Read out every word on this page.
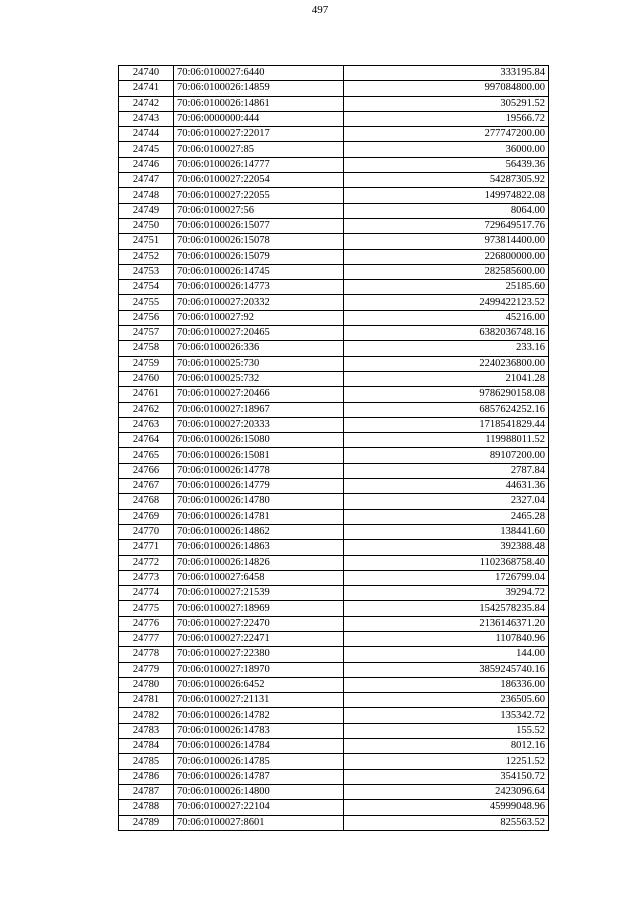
497
24740	70:06:0100027:6440	333195.84
24741	70:06:0100026:14859	997084800.00
24742	70:06:0100026:14861	305291.52
24743	70:06:0000000:444	19566.72
24744	70:06:0100027:22017	277747200.00
24745	70:06:0100027:85	36000.00
24746	70:06:0100026:14777	56439.36
24747	70:06:0100027:22054	54287305.92
24748	70:06:0100027:22055	149974822.08
24749	70:06:0100027:56	8064.00
24750	70:06:0100026:15077	729649517.76
24751	70:06:0100026:15078	973814400.00
24752	70:06:0100026:15079	226800000.00
24753	70:06:0100026:14745	282585600.00
24754	70:06:0100026:14773	25185.60
24755	70:06:0100027:20332	2499422123.52
24756	70:06:0100027:92	45216.00
24757	70:06:0100027:20465	6382036748.16
24758	70:06:0100026:336	233.16
24759	70:06:0100025:730	2240236800.00
24760	70:06:0100025:732	21041.28
24761	70:06:0100027:20466	9786290158.08
24762	70:06:0100027:18967	6857624252.16
24763	70:06:0100027:20333	1718541829.44
24764	70:06:0100026:15080	119988011.52
24765	70:06:0100026:15081	89107200.00
24766	70:06:0100026:14778	2787.84
24767	70:06:0100026:14779	44631.36
24768	70:06:0100026:14780	2327.04
24769	70:06:0100026:14781	2465.28
24770	70:06:0100026:14862	138441.60
24771	70:06:0100026:14863	392388.48
24772	70:06:0100026:14826	1102368758.40
24773	70:06:0100027:6458	1726799.04
24774	70:06:0100027:21539	39294.72
24775	70:06:0100027:18969	1542578235.84
24776	70:06:0100027:22470	2136146371.20
24777	70:06:0100027:22471	1107840.96
24778	70:06:0100027:22380	144.00
24779	70:06:0100027:18970	3859245740.16
24780	70:06:0100026:6452	186336.00
24781	70:06:0100027:21131	236505.60
24782	70:06:0100026:14782	135342.72
24783	70:06:0100026:14783	155.52
24784	70:06:0100026:14784	8012.16
24785	70:06:0100026:14785	12251.52
24786	70:06:0100026:14787	354150.72
24787	70:06:0100026:14800	2423096.64
24788	70:06:0100027:22104	45999048.96
24789	70:06:0100027:8601	825563.52
